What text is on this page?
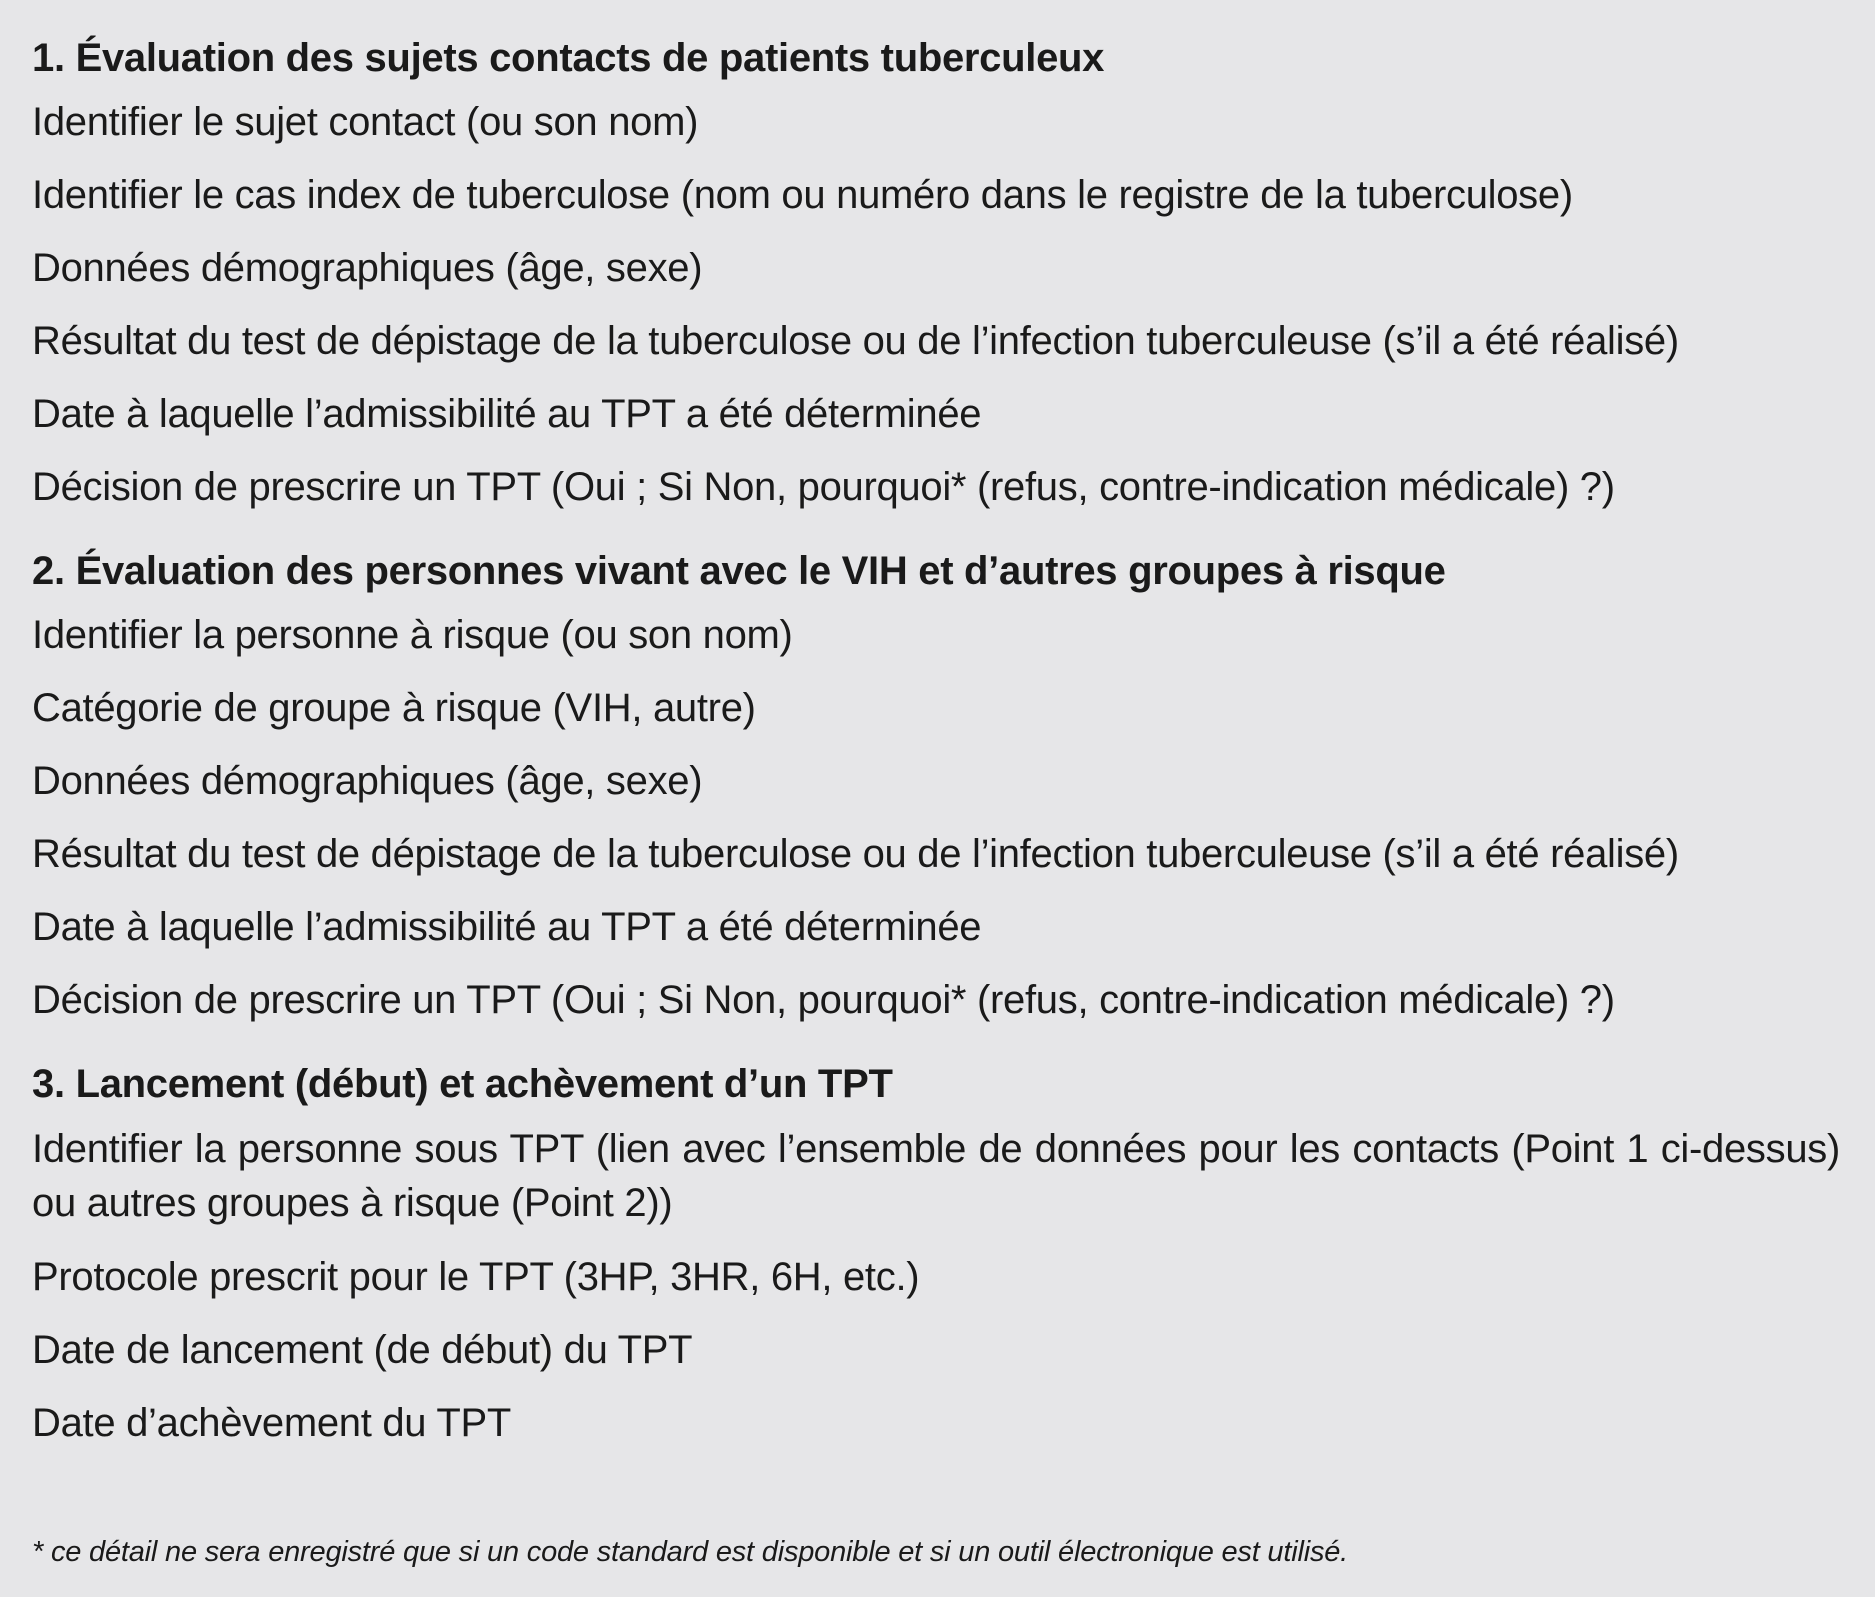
1. Évaluation des sujets contacts de patients tuberculeux
Identifier le sujet contact (ou son nom)
Identifier le cas index de tuberculose (nom ou numéro dans le registre de la tuberculose)
Données démographiques (âge, sexe)
Résultat du test de dépistage de la tuberculose ou de l’infection tuberculeuse (s’il a été réalisé)
Date à laquelle l’admissibilité au TPT a été déterminée
Décision de prescrire un TPT (Oui ; Si Non, pourquoi* (refus, contre-indication médicale) ?)
2. Évaluation des personnes vivant avec le VIH et d’autres groupes à risque
Identifier la personne à risque (ou son nom)
Catégorie de groupe à risque (VIH, autre)
Données démographiques (âge, sexe)
Résultat du test de dépistage de la tuberculose ou de l’infection tuberculeuse (s’il a été réalisé)
Date à laquelle l’admissibilité au TPT a été déterminée
Décision de prescrire un TPT (Oui ; Si Non, pourquoi* (refus, contre-indication médicale) ?)
3. Lancement (début) et achèvement d’un TPT
Identifier la personne sous TPT (lien avec l’ensemble de données pour les contacts (Point 1 ci-dessus) ou autres groupes à risque (Point 2))
Protocole prescrit pour le TPT (3HP, 3HR, 6H, etc.)
Date de lancement (de début) du TPT
Date d’achèvement du TPT
* ce détail ne sera enregistré que si un code standard est disponible et si un outil électronique est utilisé.
